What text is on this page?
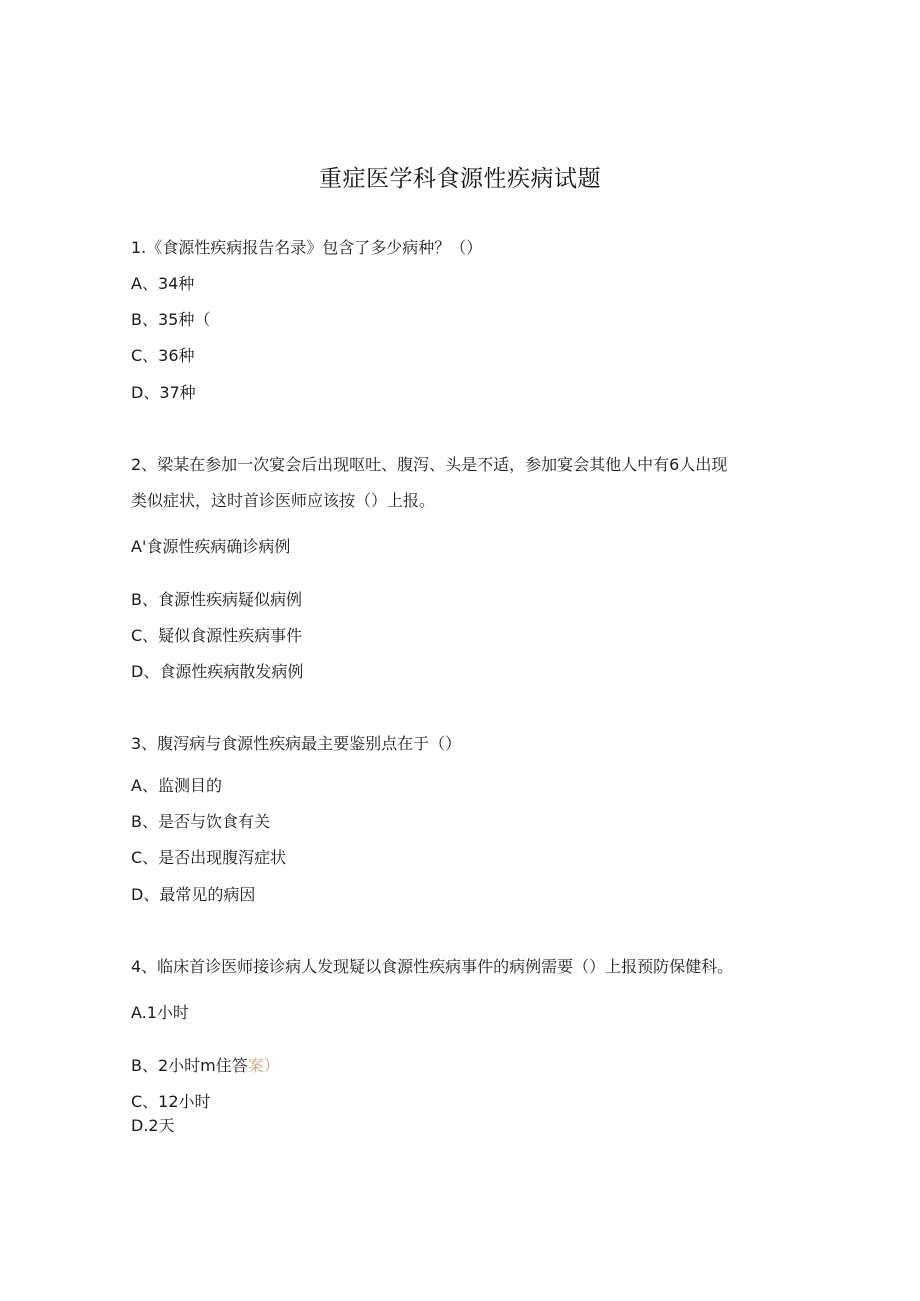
重症医学科食源性疾病试题
1.《食源性疾病报告名录》包含了多少病种？（）
A、34种
B、35种（
C、36种
D、37种
2、梁某在参加一次宴会后出现呕吐、腹泻、头是不适，参加宴会其他人中有6人出现
类似症状，这时首诊医师应该按（）上报。
A'食源性疾病确诊病例
B、食源性疾病疑似病例
C、疑似食源性疾病事件
D、食源性疾病散发病例
3、腹泻病与食源性疾病最主要鉴别点在于（）
A、监测目的
B、是否与饮食有关
C、是否出现腹泻症状
D、最常见的病因
4、临床首诊医师接诊病人发现疑以食源性疾病事件的病例需要（）上报预防保健科。
A.1小时
B、2小时m住答案）
C、12小时
D.2天
